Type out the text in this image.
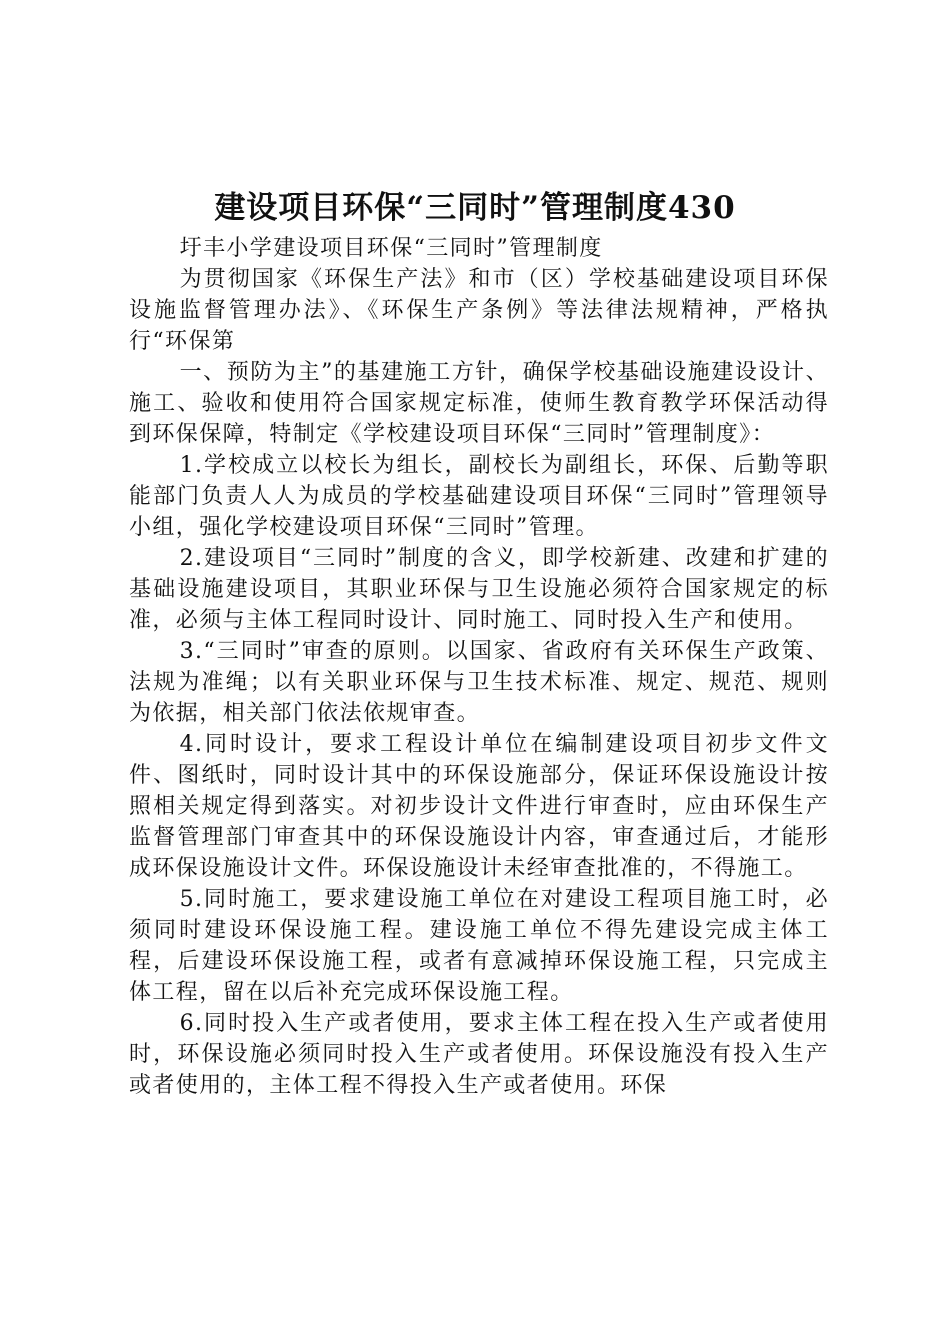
建设项目环保“三同时”管理制度430

圩丰小学建设项目环保“三同时”管理制度

为贯彻国家《环保生产法》和市（区）学校基础建设项目环保设施监督管理办法》、《环保生产条例》等法律法规精神，严格执行“环保第

一、预防为主”的基建施工方针，确保学校基础设施建设设计、施工、验收和使用符合国家规定标准，使师生教育教学环保活动得到环保保障，特制定《学校建设项目环保“三同时”管理制度》：

1.学校成立以校长为组长，副校长为副组长，环保、后勤等职能部门负责人人为成员的学校基础建设项目环保“三同时”管理领导小组，强化学校建设项目环保“三同时”管理。

2.建设项目“三同时”制度的含义，即学校新建、改建和扩建的基础设施建设项目，其职业环保与卫生设施必须符合国家规定的标准，必须与主体工程同时设计、同时施工、同时投入生产和使用。

3.“三同时”审查的原则。以国家、省政府有关环保生产政策、法规为准绳；以有关职业环保与卫生技术标准、规定、规范、规则为依据，相关部门依法依规审查。

4.同时设计，要求工程设计单位在编制建设项目初步文件文件、图纸时，同时设计其中的环保设施部分，保证环保设施设计按照相关规定得到落实。对初步设计文件进行审查时，应由环保生产监督管理部门审查其中的环保设施设计内容，审查通过后，才能形成环保设施设计文件。环保设施设计未经审查批准的，不得施工。

5.同时施工，要求建设施工单位在对建设工程项目施工时，必须同时建设环保设施工程。建设施工单位不得先建设完成主体工程，后建设环保设施工程，或者有意减掉环保设施工程，只完成主体工程，留在以后补充完成环保设施工程。

6.同时投入生产或者使用，要求主体工程在投入生产或者使用时，环保设施必须同时投入生产或者使用。环保设施没有投入生产或者使用的，主体工程不得投入生产或者使用。环保
